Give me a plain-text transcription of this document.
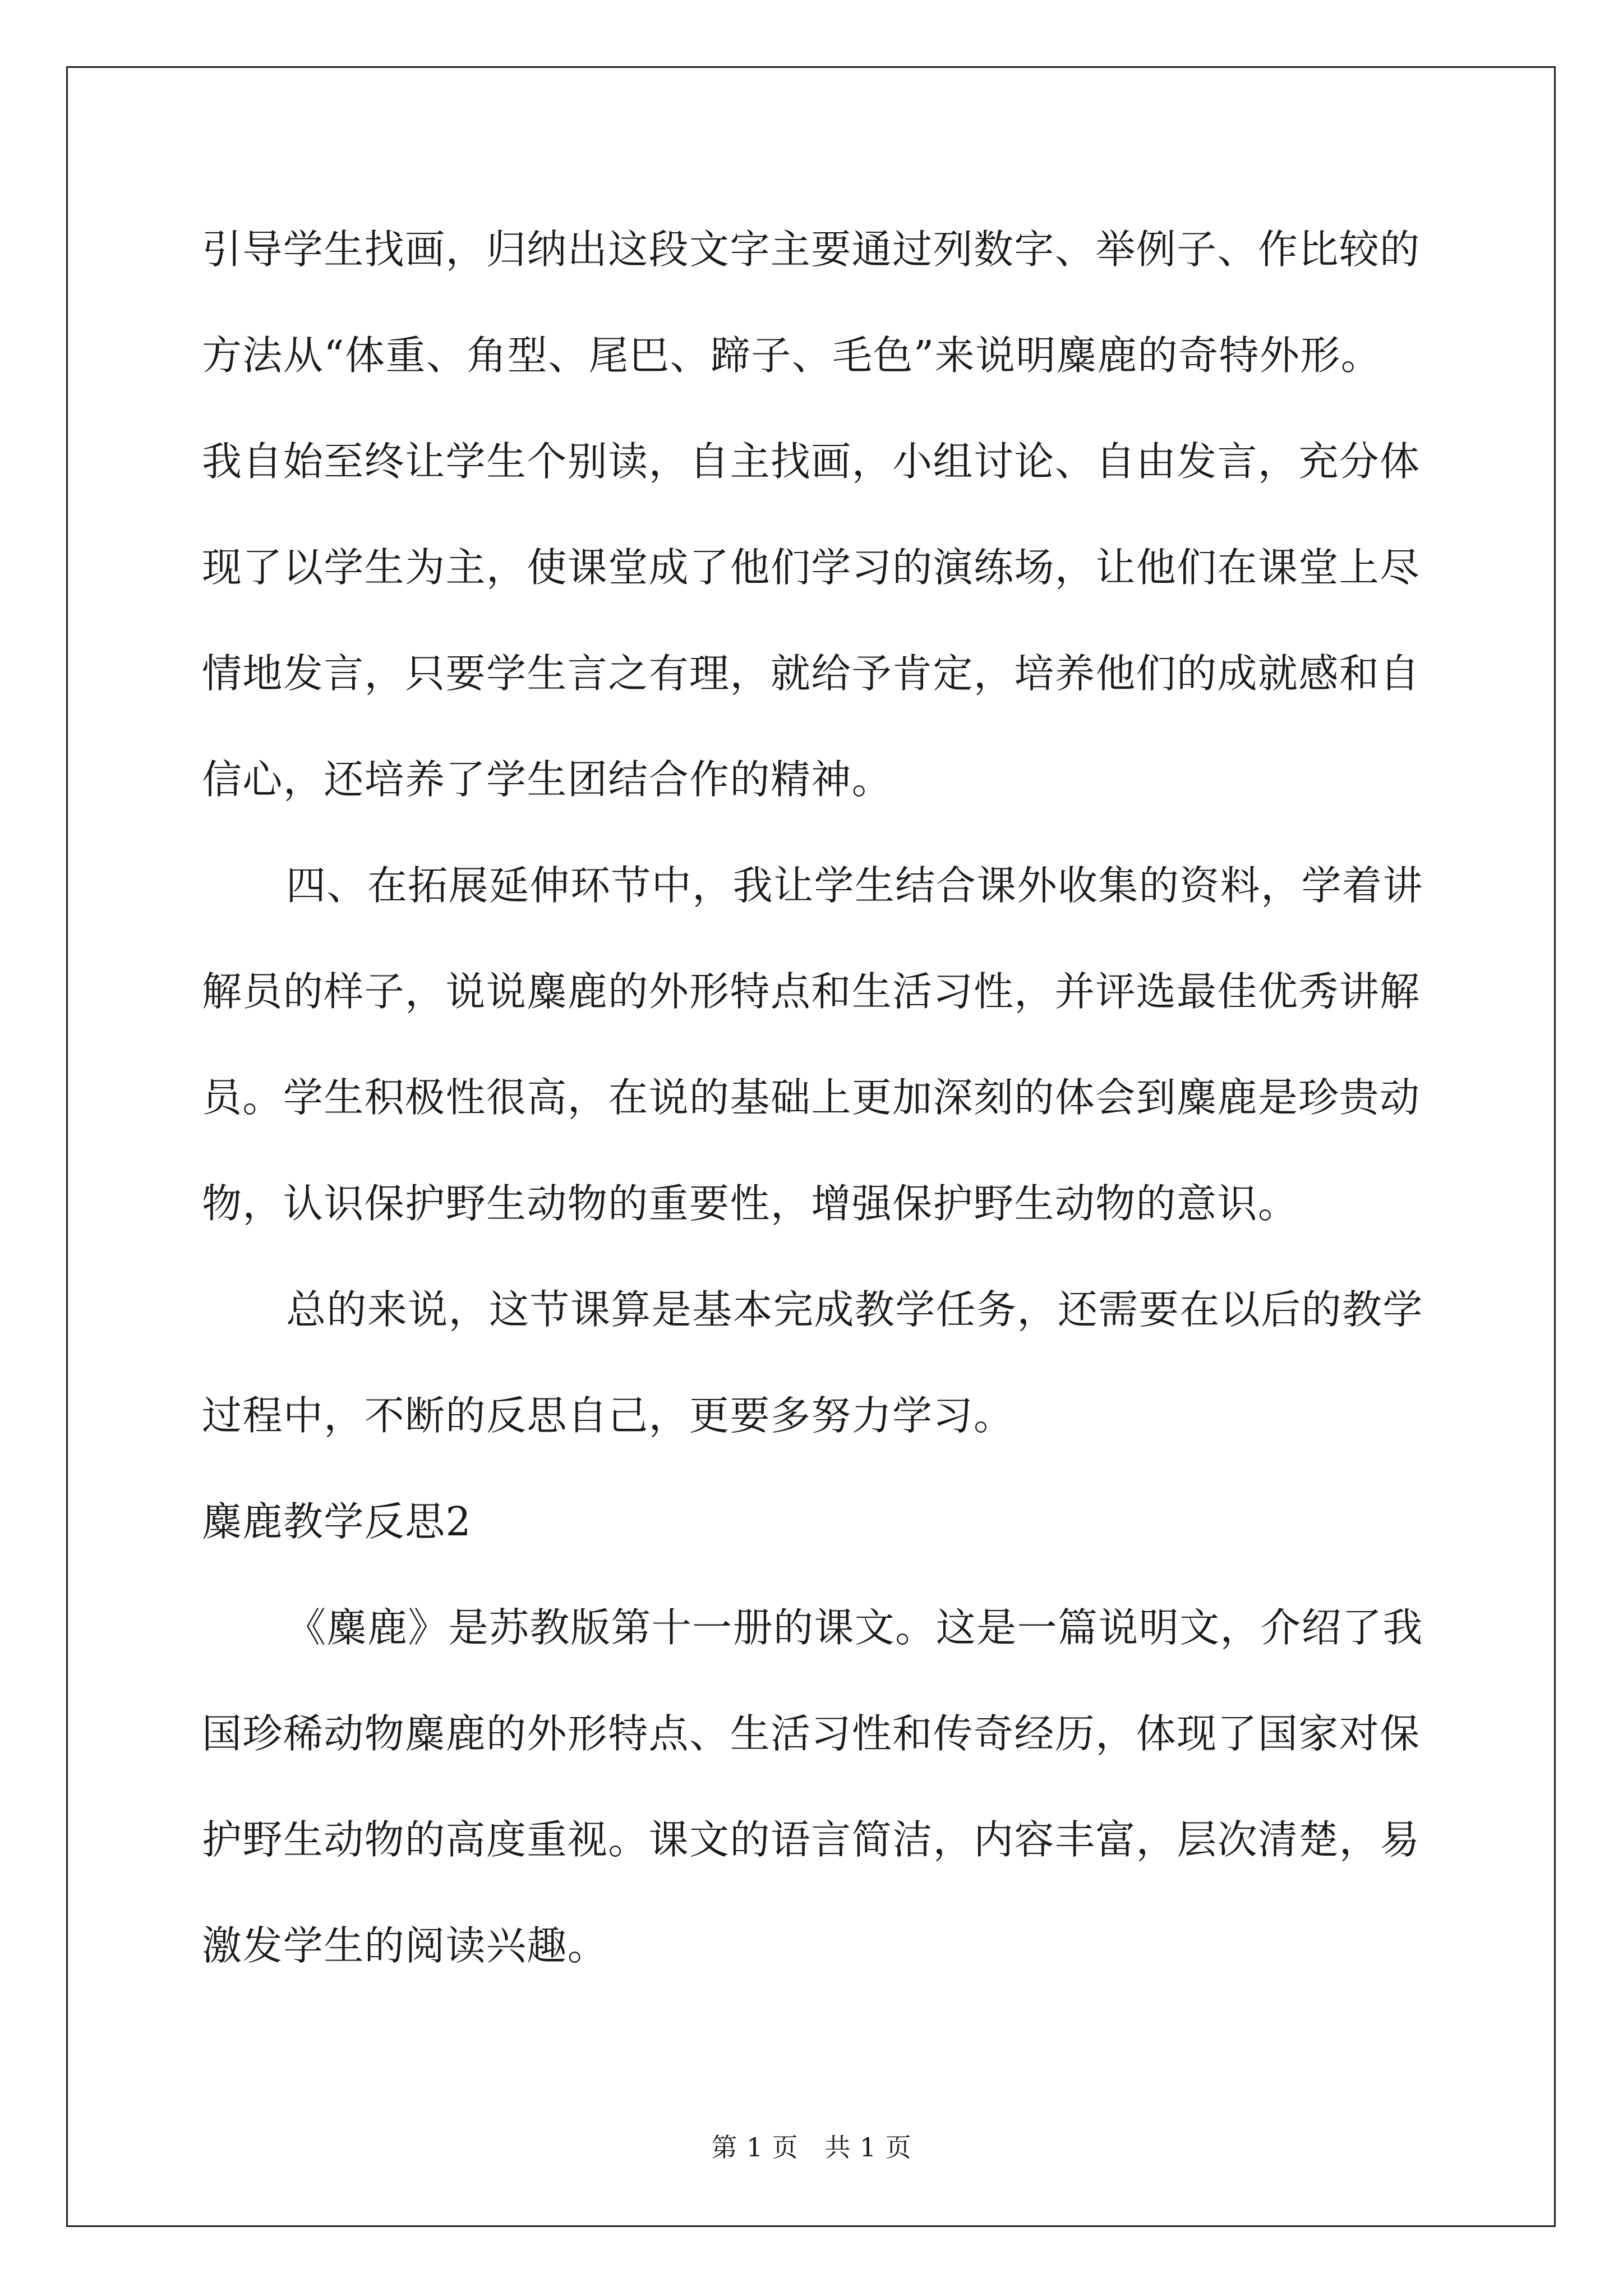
引导学生找画，归纳出这段文字主要通过列数字、举例子、作比较的
方法从“体重、角型、尾巴、蹄子、毛色”来说明麋鹿的奇特外形。
我自始至终让学生个别读，自主找画，小组讨论、自由发言，充分体
现了以学生为主，使课堂成了他们学习的演练场，让他们在课堂上尽
情地发言，只要学生言之有理，就给予肯定，培养他们的成就感和自
信心，还培养了学生团结合作的精神。
四、在拓展延伸环节中，我让学生结合课外收集的资料，学着讲
解员的样子，说说麋鹿的外形特点和生活习性，并评选最佳优秀讲解
员。学生积极性很高，在说的基础上更加深刻的体会到麋鹿是珍贵动
物，认识保护野生动物的重要性，增强保护野生动物的意识。
总的来说，这节课算是基本完成教学任务，还需要在以后的教学
过程中，不断的反思自己，更要多努力学习。
麋鹿教学反思2
《麋鹿》是苏教版第十一册的课文。这是一篇说明文，介绍了我
国珍稀动物麋鹿的外形特点、生活习性和传奇经历，体现了国家对保
护野生动物的高度重视。课文的语言简洁，内容丰富，层次清楚，易
激发学生的阅读兴趣。
第 1 页　共 1 页
